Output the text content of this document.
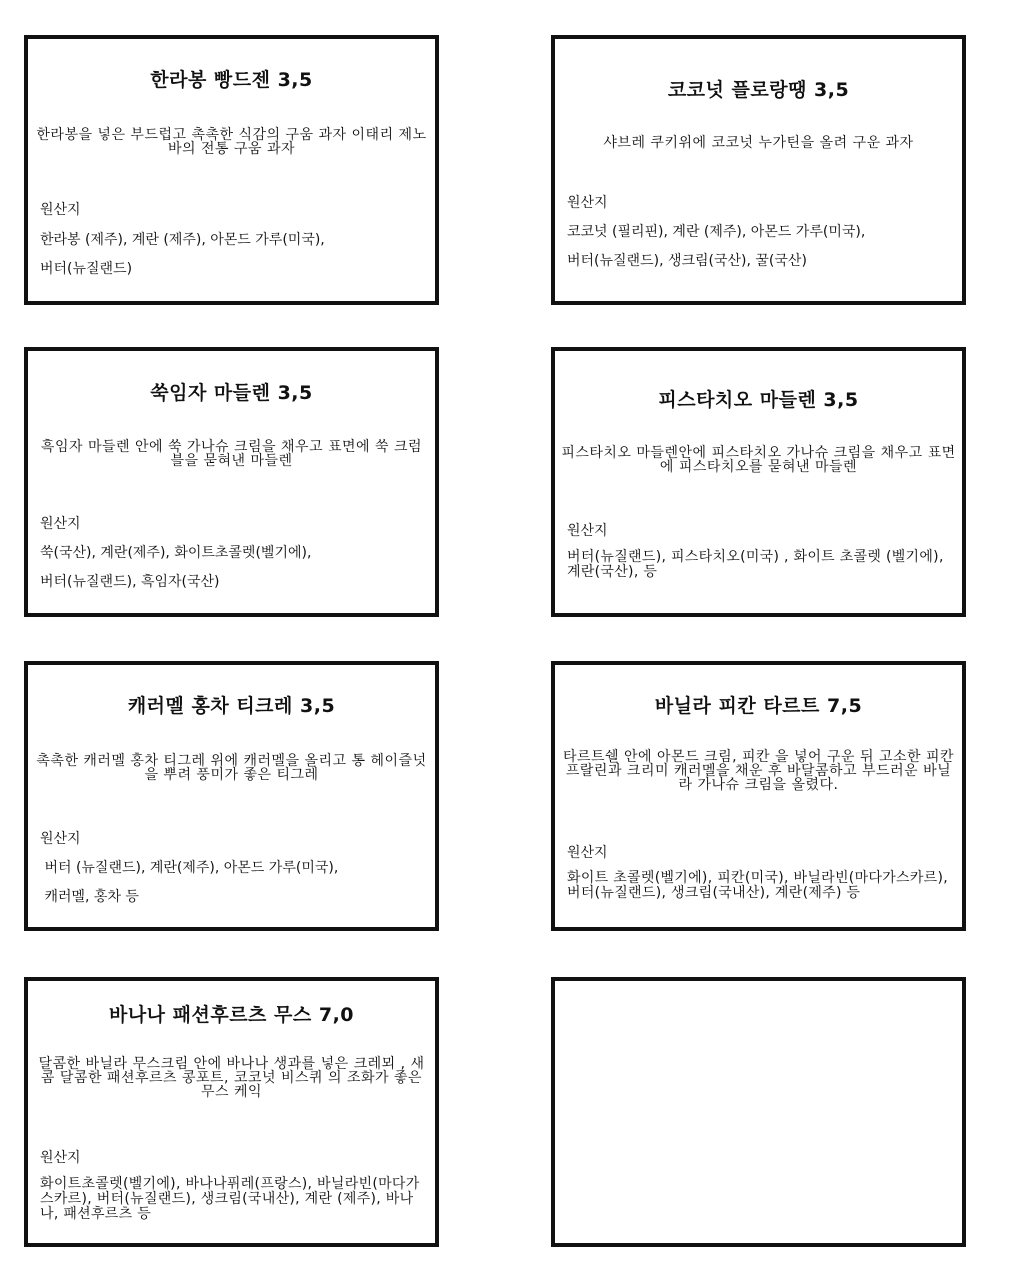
한라봉 빵드젠 3,5
한라봉을 넣은 부드럽고 촉촉한 식감의 구움 과자 이태리 제노바의 전통 구움 과자
원산지
한라봉 (제주), 계란 (제주), 아몬드 가루(미국),
버터(뉴질랜드)
코코넛 플로랑땡 3,5
샤브레 쿠키위에 코코넛 누가틴을 올려 구운 과자
원산지
코코넛 (필리핀), 계란 (제주), 아몬드 가루(미국),
버터(뉴질랜드), 생크림(국산), 꿀(국산)
쑥임자 마들렌 3,5
흑임자 마들렌 안에 쑥 가나슈 크림을 채우고 표면에 쑥 크럼블을 묻혀낸 마들렌
원산지
쑥(국산), 계란(제주), 화이트초콜렛(벨기에),
버터(뉴질랜드), 흑임자(국산)
피스타치오 마들렌 3,5
피스타치오 마들렌안에 피스타치오 가나슈 크림을 채우고 표면에 피스타치오를 묻혀낸 마들렌
원산지
버터(뉴질랜드), 피스타치오(미국) , 화이트 초콜렛 (벨기에), 계란(국산), 등
캐러멜 홍차 티크레 3,5
촉촉한 캐러멜 홍차 티그레 위에 캐러멜을 올리고 통 헤이즐넛을 뿌려 풍미가 좋은 티그레
원산지
버터 (뉴질랜드), 계란(제주), 아몬드 가루(미국),
캐러멜, 홍차 등
바닐라 피칸 타르트 7,5
타르트쉘 안에 아몬드 크림, 피칸 을 넣어 구운 뒤 고소한 피칸 프랄린과 크리미 캐러멜을 채운 후 바달콤하고 부드러운 바닐라 가나슈 크림을 올렸다.
원산지
화이트 초콜렛(벨기에), 피칸(미국), 바닐라빈(마다가스카르), 버터(뉴질랜드), 생크림(국내산), 계란(제주) 등
바나나 패션후르츠 무스 7,0
달콤한 바닐라 무스크림 안에 바나나 생과를 넣은 크레뫼 , 새콤 달콤한 패션후르츠 콩포트, 코코넛 비스퀴 의 조화가 좋은 무스 케익
원산지
화이트초콜렛(벨기에), 바나나퓌레(프랑스), 바닐라빈(마다가스카르), 버터(뉴질랜드), 생크림(국내산), 계란 (제주), 바나나, 패션후르츠 등
